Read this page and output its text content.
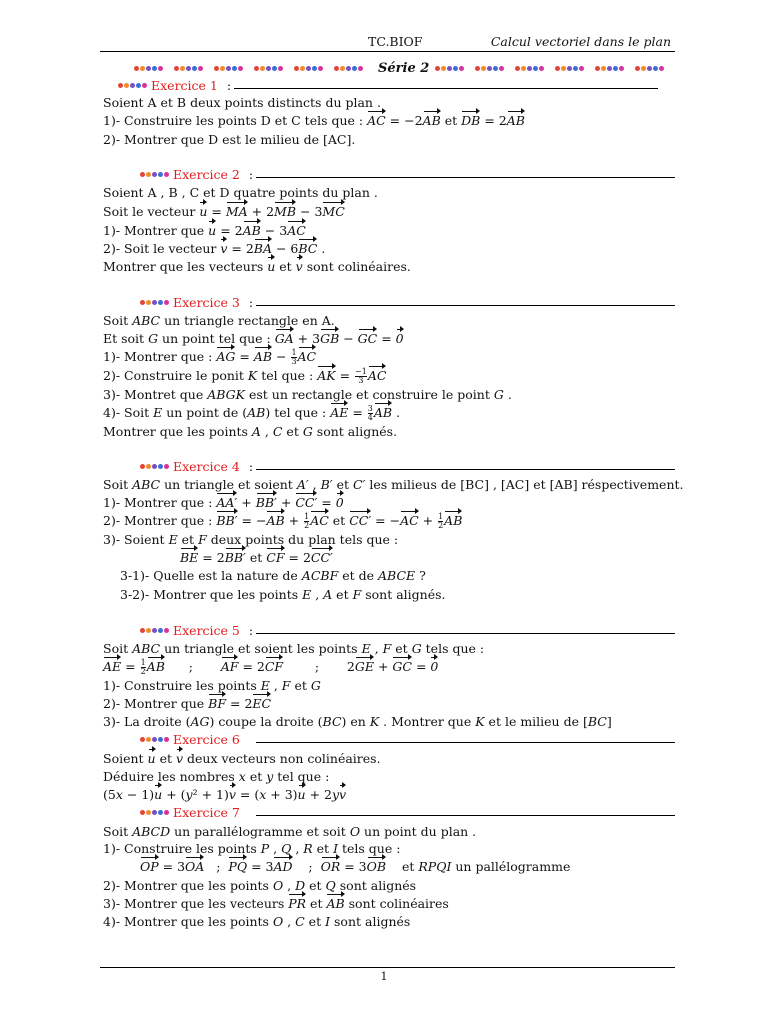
TC.BIOF	Calcul vectoriel dans le plan
Série 2
Exercice 1 :
Soient A et B deux points distincts du plan .
1)- Construire les points D et C tels que : AC = −2AB et DB = 2AB
2)- Montrer que D est le milieu de [AC].
Exercice 2 :
Soient A , B , C et D quatre points du plan .
Soit le vecteur u = MA + 2MB − 3MC
1)- Montrer que u = 2AB − 3AC
2)- Soit le vecteur v = 2BA − 6BC .
Montrer que les vecteurs u et v sont colinéaires.
Exercice 3 :
Soit ABC un triangle rectangle en A.
Et soit G un point tel que : GA + 3GB − GC = 0
1)- Montrer que : AG = AB − $\frac{1}{3}$ AC
2)- Construire le ponit K tel que : AK = $\frac{-1}{3}$ AC
3)- Montret que ABGK est un rectangle et construire le point G .
4)- Soit E un point de (AB) tel que : AE = $\frac{3}{4}$ AB .
Montrer que les points A , C et G sont alignés.
Exercice 4 :
Soit ABC un triangle et soient A′ , B′ et C′ les milieus de [BC] , [AC] et [AB] réspectivement.
1)- Montrer que : AA′ + BB′ + CC′ = 0
2)- Montrer que : $BB' = -AB + \frac{1}{2}$ AC et $CC' = -AC + \frac{1}{2}$ AB
3)- Soient E et F deux points du plan tels que :
BE = 2BB′ et CF = 2CC′
3-1)- Quelle est la nature de ACBF et de ABCE ?
3-2)- Montrer que les points E , A et F sont alignés.
Exercice 5 :
Soit ABC un triangle et soient les points E , F et G tels que :
AE = $\frac{1}{2}$ AB      ;       AF = 2CF        ;       2GE + GC = 0
1)- Construire les points E , F et G
2)- Montrer que BF = 2EC
3)- La droite (AG) coupe la droite (BC) en K . Montrer que K et le milieu de [BC]
Exercice 6
Soient u et v deux vecteurs non colinéaires.
Déduire les nombres x et y tel que :
(5x − 1)u + (y² + 1)v = (x + 3)u + 2yv
Exercice 7
Soit ABCD un parallélogramme et soit O un point du plan .
1)- Construire les points P , Q , R et I tels que :
OP = 3OA   ;  PQ = 3AD    ;  OR = 3OB    et RPQI un pallélogramme
2)- Montrer que les points O , D et Q sont alignés
3)- Montrer que les vecteurs PR et AB sont colinéaires
4)- Montrer que les points O , C et I sont alignés
1
